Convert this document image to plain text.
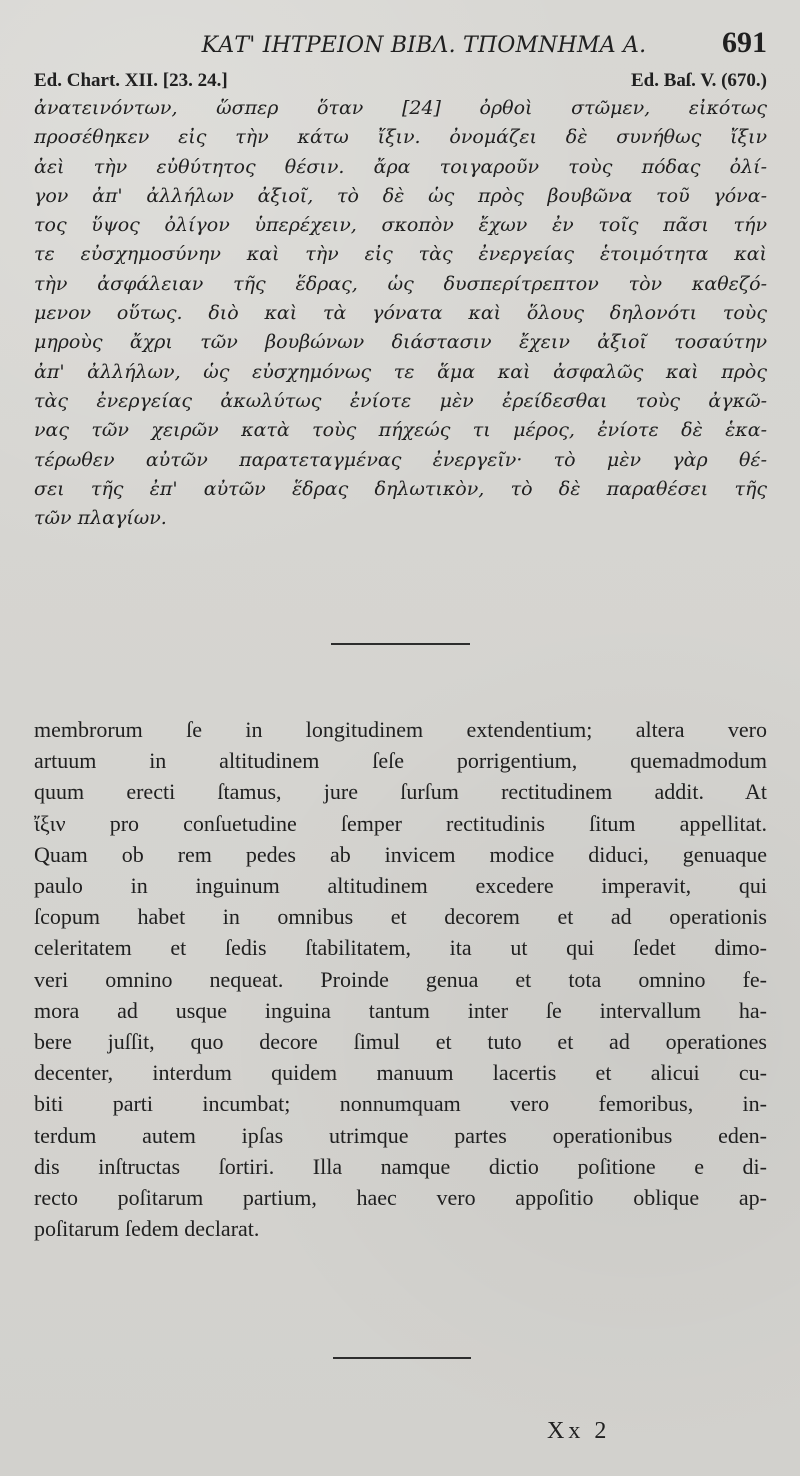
ΚΑΤ' ΙΗΤΡΕΙΟΝ ΒΙΒΛ. ΤΠΟΜΝΗΜΑ Α.	691
Ed. Chart. XII. [23. 24.]	Ed. Baſ. V. (670.)
ἀνατεινόντων, ὥσπερ ὅταν [24] ὀρθοὶ στῶμεν, εἰκότως
προσέθηκεν εἰς τὴν κάτω ἴξιν. ὀνομάζει δὲ συνήθως ἴξιν
ἀεὶ τὴν εὐθύτητος θέσιν. ἄρα τοιγαροῦν τοὺς πόδας ὀλί-
γον ἀπ' ἀλλήλων ἀξιοῖ, τὸ δὲ ὡς πρὸς βουβῶνα τοῦ γόνα-
τος ὕψος ὀλίγον ὑπερέχειν, σκοπὸν ἔχων ἐν τοῖς πᾶσι τήν
τε εὐσχημοσύνην καὶ τὴν εἰς τὰς ἐνεργείας ἑτοιμότητα καὶ
τὴν ἀσφάλειαν τῆς ἕδρας, ὡς δυσπερίτρεπτον τὸν καθεζό-
μενον οὕτως. διὸ καὶ τὰ γόνατα καὶ ὅλους δηλονότι τοὺς
μηροὺς ἄχρι τῶν βουβώνων διάστασιν ἔχειν ἀξιοῖ τοσαύτην
ἀπ' ἀλλήλων, ὡς εὐσχημόνως τε ἅμα καὶ ἀσφαλῶς καὶ πρὸς
τὰς ἐνεργείας ἀκωλύτως ἐνίοτε μὲν ἐρείδεσθαι τοὺς ἀγκῶ-
νας τῶν χειρῶν κατὰ τοὺς πήχεώς τι μέρος, ἐνίοτε δὲ ἑκα-
τέρωθεν αὐτῶν παρατεταγμένας ἐνεργεῖν· τὸ μὲν γὰρ θέ-
σει τῆς ἐπ' αὐτῶν ἕδρας δηλωτικὸν, τὸ δὲ παραθέσει τῆς
τῶν πλαγίων.
membrorum ſe in longitudinem extendentium; altera vero
artuum in altitudinem ſeſe porrigentium, quemadmodum
quum erecti ſtamus, jure ſurſum rectitudinem addit. At
ἴξιν pro conſuetudine ſemper rectitudinis ſitum appellitat.
Quam ob rem pedes ab invicem modice diduci, genuaque
paulo in inguinum altitudinem excedere imperavit, qui
ſcopum habet in omnibus et decorem et ad operationis
celeritatem et ſedis ſtabilitatem, ita ut qui ſedet dimo-
veri omnino nequeat. Proinde genua et tota omnino fe-
mora ad usque inguina tantum inter ſe intervallum ha-
bere juſſit, quo decore ſimul et tuto et ad operationes
decenter, interdum quidem manuum lacertis et alicui cu-
biti parti incumbat; nonnumquam vero femoribus, in-
terdum autem ipſas utrimque partes operationibus eden-
dis inſtructas ſortiri. Illa namque dictio poſitione e di-
recto poſitarum partium, haec vero appoſitio oblique ap-
poſitarum ſedem declarat.
Xx 2
